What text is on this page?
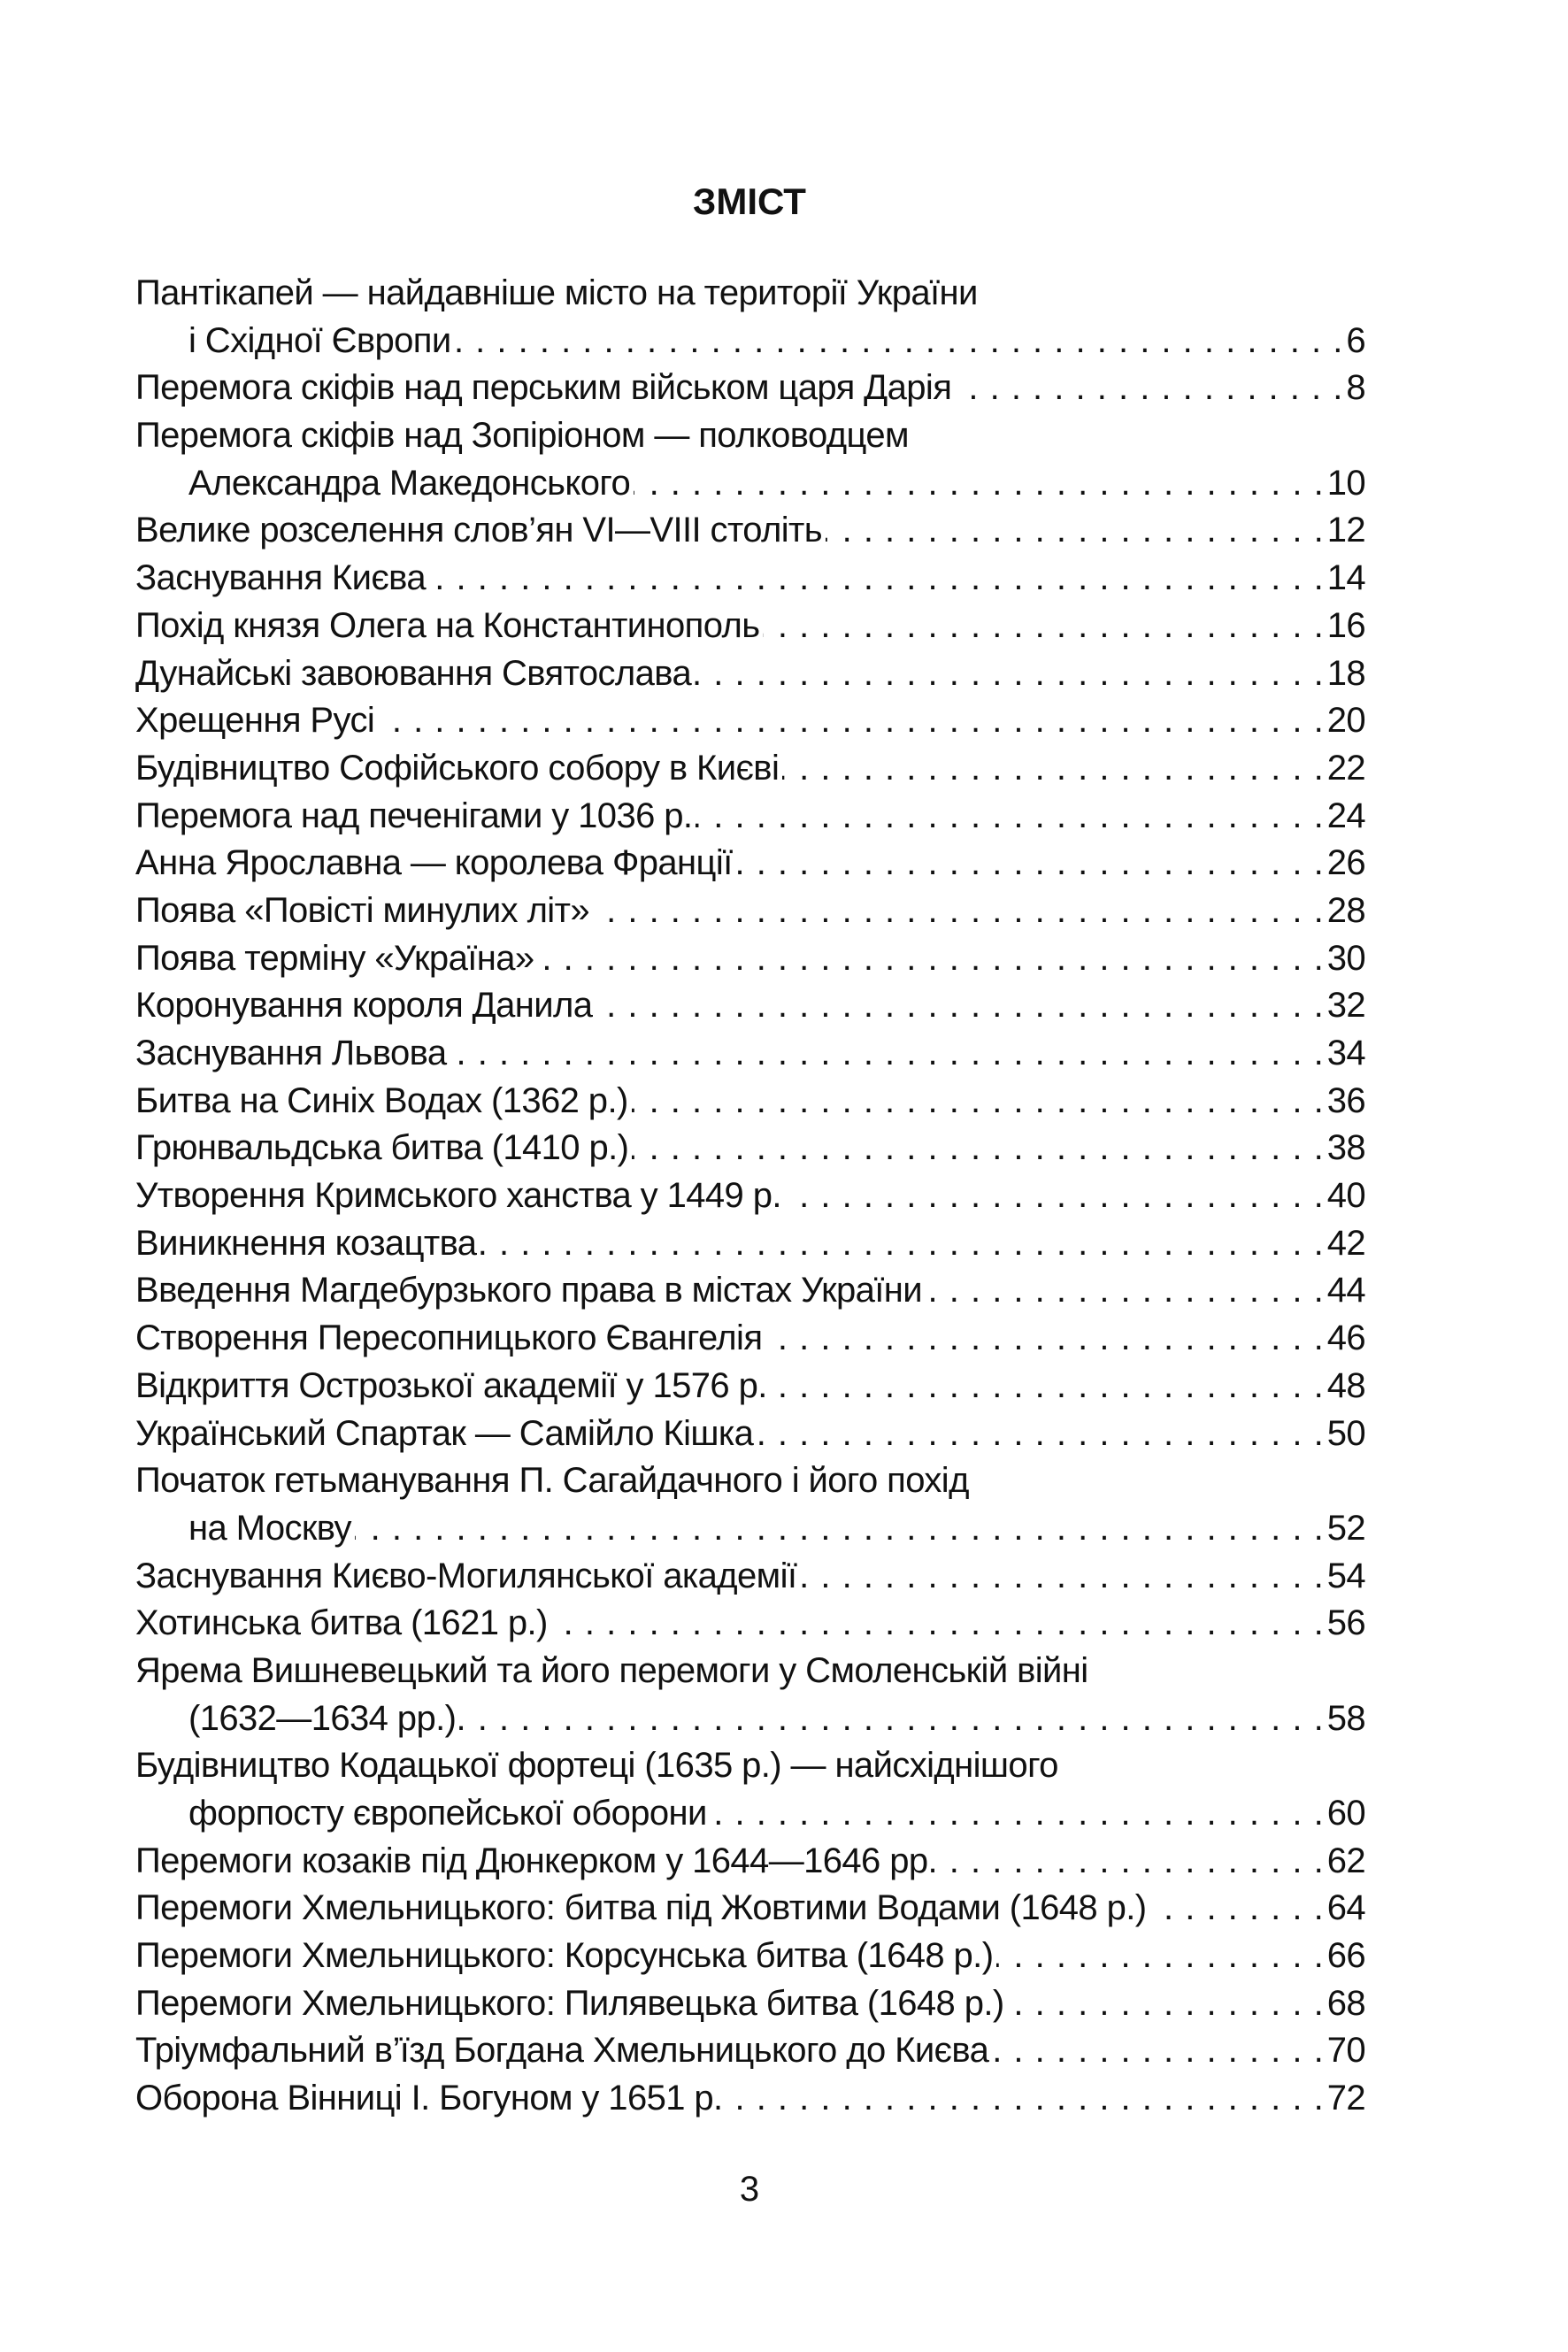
ЗМІСТ
Пантікапей — найдавніше місто на території України
і Східної Європи . . .	6
Перемога скіфів над перським військом царя Дарія . . .	8
Перемога скіфів над Зопіріоном — полководцем
Александра Македонського . . .	10
Велике розселення слов’ян VI—VIII століть . . .	12
Заснування Києва . . .	14
Похід князя Олега на Константинополь . . .	16
Дунайські завоювання Святослава . . .	18
Хрещення Русі . . .	20
Будівництво Софійського собору в Києві . . .	22
Перемога над печенігами у 1036 р. . . .	24
Анна Ярославна — королева Франції . . .	26
Поява «Повісті минулих літ» . . .	28
Поява терміну «Україна» . . .	30
Коронування короля Данила . . .	32
Заснування Львова . . .	34
Битва на Синіх Водах (1362 р.) . . .	36
Грюнвальдська битва (1410 р.) . . .	38
Утворення Кримського ханства у 1449 р. . . .	40
Виникнення козацтва . . .	42
Введення Магдебурзького права в містах України . . .	44
Створення Пересопницького Євангелія . . .	46
Відкриття Острозької академії у 1576 р. . . .	48
Український Спартак — Самійло Кішка . . .	50
Початок гетьманування П. Сагайдачного і його похід
на Москву . . .	52
Заснування Києво-Могилянської академії . . .	54
Хотинська битва (1621 р.) . . .	56
Ярема Вишневецький та його перемоги у Смоленській війні
(1632—1634 рр.) . . .	58
Будівництво Кодацької фортеці (1635 р.) — найсхіднішого
форпосту європейської оборони . . .	60
Перемоги козаків під Дюнкерком у 1644—1646 рр. . . .	62
Перемоги Хмельницького: битва під Жовтими Водами (1648 р.) . . .	64
Перемоги Хмельницького: Корсунська битва (1648 р.) . . .	66
Перемоги Хмельницького: Пилявецька битва (1648 р.) . . .	68
Тріумфальний в’їзд Богдана Хмельницького до Києва . . .	70
Оборона Вінниці І. Богуном у 1651 р. . . .	72
3
